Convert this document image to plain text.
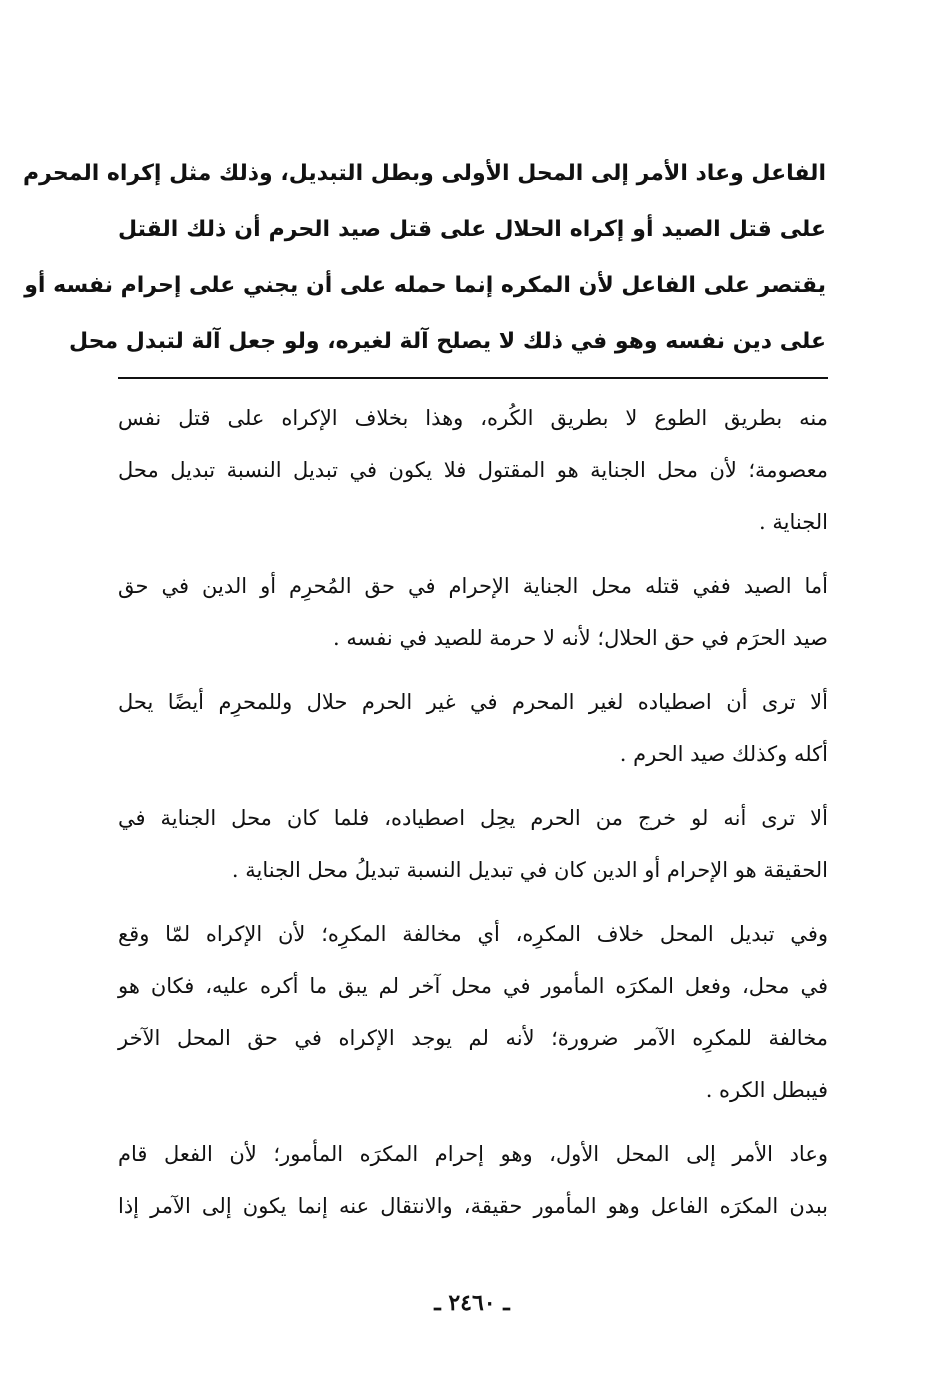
الفاعل وعاد الأمر إلى المحل الأولى وبطل التبديل، وذلك مثل إكراه المحرم
على قتل الصيد أو إكراه الحلال على قتل صيد الحرم أن ذلك القتل
يقتصر على الفاعل لأن المكره إنما حمله على أن يجني على إحرام نفسه أو
على دين نفسه وهو في ذلك لا يصلح آلة لغيره، ولو جعل آلة لتبدل محل
منه بطريق الطوع لا بطريق الكُره، وهذا بخلاف الإكراه على قتل نفس
معصومة؛ لأن محل الجناية هو المقتول فلا يكون في تبديل النسبة تبديل محل
الجناية .
أما الصيد ففي قتله محل الجناية الإحرام في حق المُحرِم أو الدين في حق
صيد الحرَم في حق الحلال؛ لأنه لا حرمة للصيد في نفسه .
ألا ترى أن اصطياده لغير المحرم في غير الحرم حلال وللمحرِم أيضًا يحل
أكله وكذلك صيد الحرم .
ألا ترى أنه لو خرج من الحرم يحِل اصطياده، فلما كان محل الجناية في
الحقيقة هو الإحرام أو الدين كان في تبديل النسبة تبديلُ محل الجناية .
وفي تبديل المحل خلاف المكرِه، أي مخالفة المكرِه؛ لأن الإكراه لمّا وقع
في محل، وفعل المكرَه المأمور في محل آخر لم يبق ما أكره عليه، فكان هو
مخالفة للمكرِه الآمر ضرورة؛ لأنه لم يوجد الإكراه في حق المحل الآخر
فيبطل الكره .
وعاد الأمر إلى المحل الأول، وهو إحرام المكرَه المأمور؛ لأن الفعل قام
ببدن المكرَه الفاعل وهو المأمور حقيقة، والانتقال عنه إنما يكون إلى الآمر إذا
ـ ٢٤٦٠ ـ
